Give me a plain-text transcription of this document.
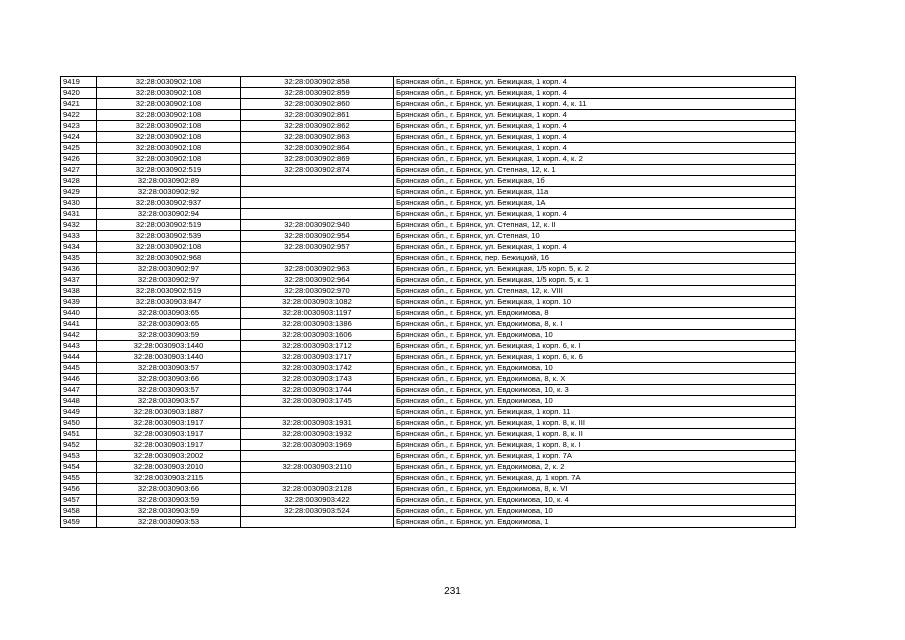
9419	32:28:0030902:108	32:28:0030902:858	Брянская обл., г. Брянск, ул. Бежицкая, 1 корп. 4
9420	32:28:0030902:108	32:28:0030902:859	Брянская обл., г. Брянск, ул. Бежицкая, 1 корп. 4
9421	32:28:0030902:108	32:28:0030902:860	Брянская обл., г. Брянск, ул. Бежицкая, 1 корп. 4, к. 11
9422	32:28:0030902:108	32:28:0030902:861	Брянская обл., г. Брянск, ул. Бежицкая, 1 корп. 4
9423	32:28:0030902:108	32:28:0030902:862	Брянская обл., г. Брянск, ул. Бежицкая, 1 корп. 4
9424	32:28:0030902:108	32:28:0030902:863	Брянская обл., г. Брянск, ул. Бежицкая, 1 корп. 4
9425	32:28:0030902:108	32:28:0030902:864	Брянская обл., г. Брянск, ул. Бежицкая, 1 корп. 4
9426	32:28:0030902:108	32:28:0030902:869	Брянская обл., г. Брянск, ул. Бежицкая, 1 корп. 4, к. 2
9427	32:28:0030902:519	32:28:0030902:874	Брянская обл., г. Брянск, ул. Степная, 12, к. 1
9428	32:28:0030902:89		Брянская обл., г. Брянск, ул. Бежицкая, 1б
9429	32:28:0030902:92		Брянская обл., г. Брянск, ул. Бежицкая, 11а
9430	32:28:0030902:937		Брянская обл., г. Брянск, ул. Бежицкая, 1А
9431	32:28:0030902:94		Брянская обл., г. Брянск, ул. Бежицкая, 1 корп. 4
9432	32:28:0030902:519	32:28:0030902:940	Брянская обл., г. Брянск, ул. Степная, 12, к. II
9433	32:28:0030902:539	32:28:0030902:954	Брянская обл., г. Брянск, ул. Степная, 10
9434	32:28:0030902:108	32:28:0030902:957	Брянская обл., г. Брянск, ул. Бежицкая, 1 корп. 4
9435	32:28:0030902:968		Брянская обл., г. Брянск, пер. Бежицкий, 16
9436	32:28:0030902:97	32:28:0030902:963	Брянская обл., г. Брянск, ул. Бежицкая, 1/5 корп. 5, к. 2
9437	32:28:0030902:97	32:28:0030902:964	Брянская обл., г. Брянск, ул. Бежицкая, 1/5 корп. 5, к. 1
9438	32:28:0030902:519	32:28:0030902:970	Брянская обл., г. Брянск, ул. Степная, 12, к. VIII
9439	32:28:0030903:847	32:28:0030903:1082	Брянская обл., г. Брянск, ул. Бежицкая, 1 корп. 10
9440	32:28:0030903:65	32:28:0030903:1197	Брянская обл., г. Брянск, ул. Евдокимова, 8
9441	32:28:0030903:65	32:28:0030903:1386	Брянская обл., г. Брянск, ул. Евдокимова, 8, к. I
9442	32:28:0030903:59	32:28:0030903:1606	Брянская обл., г. Брянск, ул. Евдокимова, 10
9443	32:28:0030903:1440	32:28:0030903:1712	Брянская обл., г. Брянск, ул. Бежицкая, 1 корп. 6, к. I
9444	32:28:0030903:1440	32:28:0030903:1717	Брянская обл., г. Брянск, ул. Бежицкая, 1 корп. 6, к. 6
9445	32:28:0030903:57	32:28:0030903:1742	Брянская обл., г. Брянск, ул. Евдокимова, 10
9446	32:28:0030903:66	32:28:0030903:1743	Брянская обл., г. Брянск, ул. Евдокимова, 8, к. X
9447	32:28:0030903:57	32:28:0030903:1744	Брянская обл., г. Брянск, ул. Евдокимова, 10, к. 3
9448	32:28:0030903:57	32:28:0030903:1745	Брянская обл., г. Брянск, ул. Евдокимова, 10
9449	32:28:0030903:1887		Брянская обл., г. Брянск, ул. Бежицкая, 1 корп. 11
9450	32:28:0030903:1917	32:28:0030903:1931	Брянская обл., г. Брянск, ул. Бежицкая, 1 корп. 8, к. III
9451	32:28:0030903:1917	32:28:0030903:1932	Брянская обл., г. Брянск, ул. Бежицкая, 1 корп. 8, к. II
9452	32:28:0030903:1917	32:28:0030903:1969	Брянская обл., г. Брянск, ул. Бежицкая, 1 корп. 8, к. I
9453	32:28:0030903:2002		Брянская обл., г. Брянск, ул. Бежицкая, 1 корп. 7А
9454	32:28:0030903:2010	32:28:0030903:2110	Брянская обл., г. Брянск, ул. Евдокимова, 2, к. 2
9455	32:28:0030903:2115		Брянская обл., г. Брянск, ул. Бежицкая, д. 1 корп. 7А
9456	32:28:0030903:66	32:28:0030903:2128	Брянская обл., г. Брянск, ул. Евдокимова, 8, к. VI
9457	32:28:0030903:59	32:28:0030903:422	Брянская обл., г. Брянск, ул. Евдокимова, 10, к. 4
9458	32:28:0030903:59	32:28:0030903:524	Брянская обл., г. Брянск, ул. Евдокимова, 10
9459	32:28:0030903:53		Брянская обл., г. Брянск, ул. Евдокимова, 1
231
